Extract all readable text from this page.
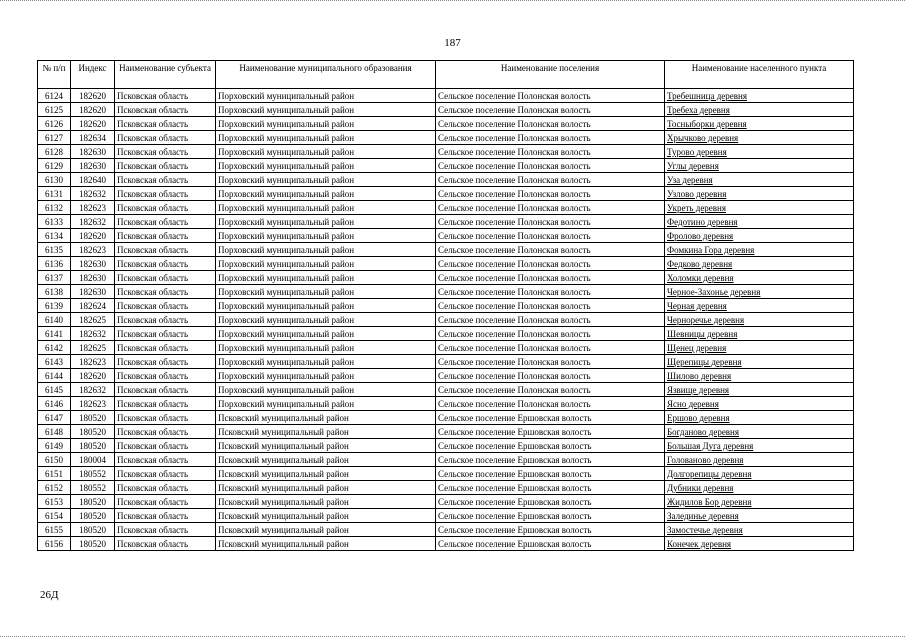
187
№ п/п	Индекс	Наименование субъекта	Наименование муниципального образования	Наименование поселения	Наименование населенного пункта
6124	182620	Псковская область	Порховский муниципальный район	Сельское поселение Полонская волость	Требешница деревня
6125	182620	Псковская область	Порховский муниципальный район	Сельское поселение Полонская волость	Требеха деревня
6126	182620	Псковская область	Порховский муниципальный район	Сельское поселение Полонская волость	Тосныборки деревня
6127	182634	Псковская область	Порховский муниципальный район	Сельское поселение Полонская волость	Хрычково деревня
6128	182630	Псковская область	Порховский муниципальный район	Сельское поселение Полонская волость	Турово деревня
6129	182630	Псковская область	Порховский муниципальный район	Сельское поселение Полонская волость	Углы деревня
6130	182640	Псковская область	Порховский муниципальный район	Сельское поселение Полонская волость	Уза деревня
6131	182632	Псковская область	Порховский муниципальный район	Сельское поселение Полонская волость	Узлово деревня
6132	182623	Псковская область	Порховский муниципальный район	Сельское поселение Полонская волость	Укреть деревня
6133	182632	Псковская область	Порховский муниципальный район	Сельское поселение Полонская волость	Федотино деревня
6134	182620	Псковская область	Порховский муниципальный район	Сельское поселение Полонская волость	Фролово деревня
6135	182623	Псковская область	Порховский муниципальный район	Сельское поселение Полонская волость	Фомкина Гора деревня
6136	182630	Псковская область	Порховский муниципальный район	Сельское поселение Полонская волость	Федково деревня
6137	182630	Псковская область	Порховский муниципальный район	Сельское поселение Полонская волость	Холомки деревня
6138	182630	Псковская область	Порховский муниципальный район	Сельское поселение Полонская волость	Черное-Захонье деревня
6139	182624	Псковская область	Порховский муниципальный район	Сельское поселение Полонская волость	Черная деревня
6140	182625	Псковская область	Порховский муниципальный район	Сельское поселение Полонская волость	Черноречье деревня
6141	182632	Псковская область	Порховский муниципальный район	Сельское поселение Полонская волость	Шевницы деревня
6142	182625	Псковская область	Порховский муниципальный район	Сельское поселение Полонская волость	Щенец деревня
6143	182623	Псковская область	Порховский муниципальный район	Сельское поселение Полонская волость	Щерепицы деревня
6144	182620	Псковская область	Порховский муниципальный район	Сельское поселение Полонская волость	Шилово деревня
6145	182632	Псковская область	Порховский муниципальный район	Сельское поселение Полонская волость	Язвище деревня
6146	182623	Псковская область	Порховский муниципальный район	Сельское поселение Полонская волость	Ясно деревня
6147	180520	Псковская область	Псковский муниципальный район	Сельское поселение Ершовская волость	Ершово деревня
6148	180520	Псковская область	Псковский муниципальный район	Сельское поселение Ершовская волость	Богданово деревня
6149	180520	Псковская область	Псковский муниципальный район	Сельское поселение Ершовская волость	Большая Дуга деревня
6150	180004	Псковская область	Псковский муниципальный район	Сельское поселение Ершовская волость	Голованово деревня
6151	180552	Псковская область	Псковский муниципальный район	Сельское поселение Ершовская волость	Долгорепицы деревня
6152	180552	Псковская область	Псковский муниципальный район	Сельское поселение Ершовская волость	Дубники деревня
6153	180520	Псковская область	Псковский муниципальный район	Сельское поселение Ершовская волость	Жидилов Бор деревня
6154	180520	Псковская область	Псковский муниципальный район	Сельское поселение Ершовская волость	Залединье деревня
6155	180520	Псковская область	Псковский муниципальный район	Сельское поселение Ершовская волость	Замостечье деревня
6156	180520	Псковская область	Псковский муниципальный район	Сельское поселение Ершовская волость	Конечек деревня
26Д
